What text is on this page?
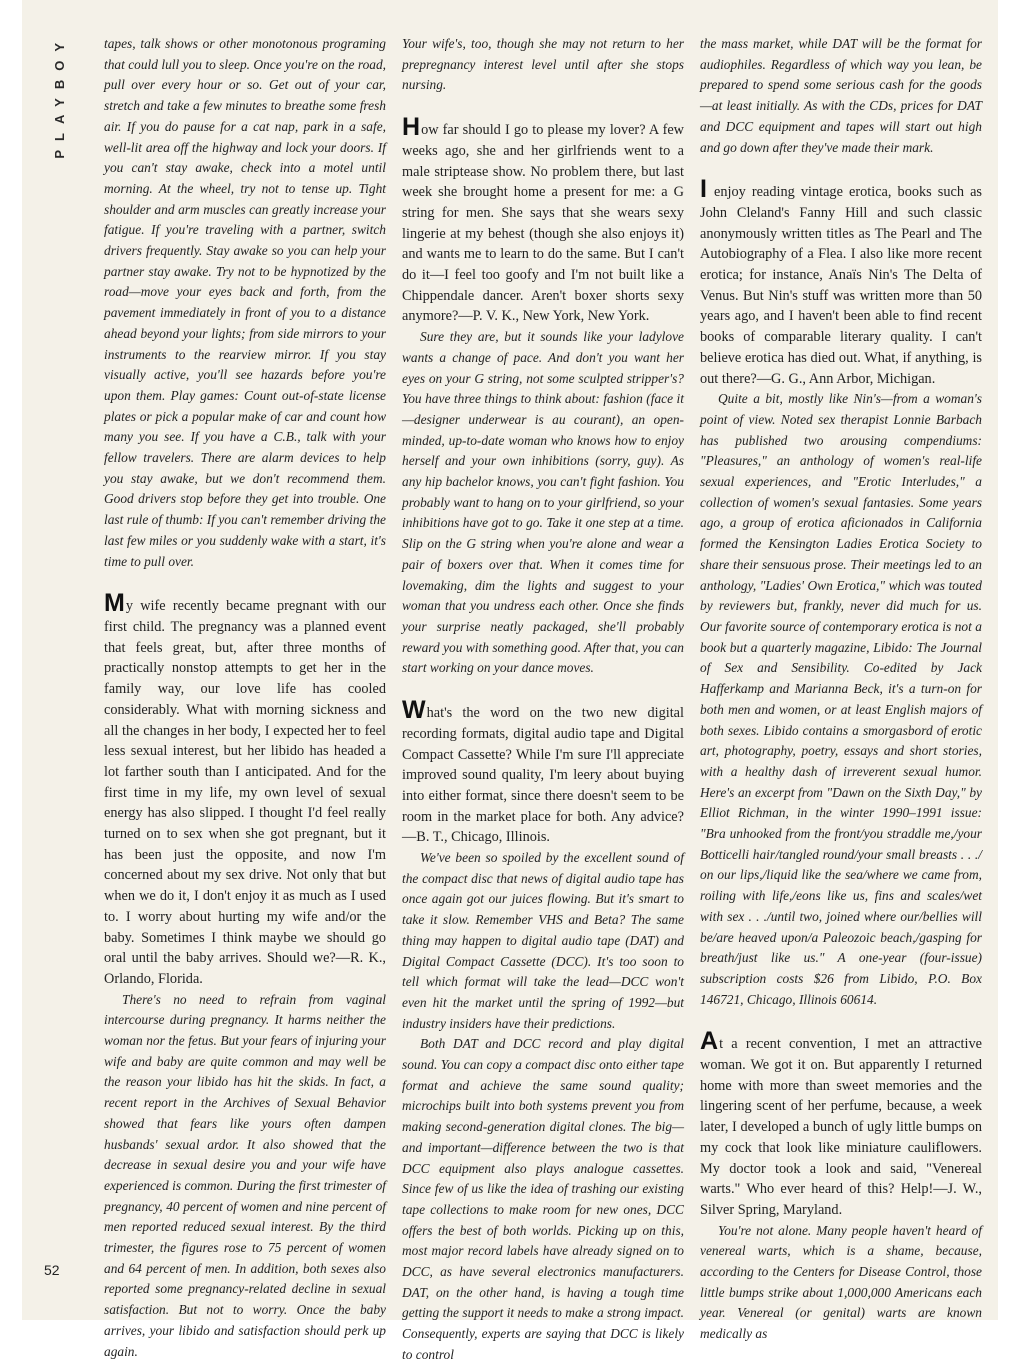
PLAYBOY
52

tapes, talk shows or other monotonous programing that could lull you to sleep. Once you're on the road, pull over every hour or so. Get out of your car, stretch and take a few minutes to breathe some fresh air. If you do pause for a cat nap, park in a safe, well-lit area off the highway and lock your doors. If you can't stay awake, check into a motel until morning. At the wheel, try not to tense up. Tight shoulder and arm muscles can greatly increase your fatigue. If you're traveling with a partner, switch drivers frequently. Stay awake so you can help your partner stay awake. Try not to be hypnotized by the road—move your eyes back and forth, from the pavement immediately in front of you to a distance ahead beyond your lights; from side mirrors to your instruments to the rearview mirror. If you stay visually active, you'll see hazards before you're upon them. Play games: Count out-of-state license plates or pick a popular make of car and count how many you see. If you have a C.B., talk with your fellow travelers. There are alarm devices to help you stay awake, but we don't recommend them. Good drivers stop before they get into trouble. One last rule of thumb: If you can't remember driving the last few miles or you suddenly wake with a start, it's time to pull over.

My wife recently became pregnant with our first child. The pregnancy was a planned event that feels great, but, after three months of practically nonstop attempts to get her in the family way, our love life has cooled considerably. What with morning sickness and all the changes in her body, I expected her to feel less sexual interest, but her libido has headed a lot farther south than I anticipated. And for the first time in my life, my own level of sexual energy has also slipped. I thought I'd feel really turned on to sex when she got pregnant, but it has been just the opposite, and now I'm concerned about my sex drive. Not only that but when we do it, I don't enjoy it as much as I used to. I worry about hurting my wife and/or the baby. Sometimes I think maybe we should go oral until the baby arrives. Should we?—R. K., Orlando, Florida.

There's no need to refrain from vaginal intercourse during pregnancy. It harms neither the woman nor the fetus. But your fears of injuring your wife and baby are quite common and may well be the reason your libido has hit the skids. In fact, a recent report in the Archives of Sexual Behavior showed that fears like yours often dampen husbands' sexual ardor. It also showed that the decrease in sexual desire you and your wife have experienced is common. During the first trimester of pregnancy, 40 percent of women and nine percent of men reported reduced sexual interest. By the third trimester, the figures rose to 75 percent of women and 64 percent of men. In addition, both sexes also reported some pregnancy-related decline in sexual satisfaction. But not to worry. Once the baby arrives, your libido and satisfaction should perk up again.

Your wife's, too, though she may not return to her prepregnancy interest level until after she stops nursing.

How far should I go to please my lover? A few weeks ago, she and her girlfriends went to a male striptease show. No problem there, but last week she brought home a present for me: a G string for men. She says that she wears sexy lingerie at my behest (though she also enjoys it) and wants me to learn to do the same. But I can't do it—I feel too goofy and I'm not built like a Chippendale dancer. Aren't boxer shorts sexy anymore?—P. V. K., New York, New York.

Sure they are, but it sounds like your ladylove wants a change of pace. And don't you want her eyes on your G string, not some sculpted stripper's? You have three things to think about: fashion (face it—designer underwear is au courant), an open-minded, up-to-date woman who knows how to enjoy herself and your own inhibitions (sorry, guy). As any hip bachelor knows, you can't fight fashion. You probably want to hang on to your girlfriend, so your inhibitions have got to go. Take it one step at a time. Slip on the G string when you're alone and wear a pair of boxers over that. When it comes time for lovemaking, dim the lights and suggest to your woman that you undress each other. Once she finds your surprise neatly packaged, she'll probably reward you with something good. After that, you can start working on your dance moves.

What's the word on the two new digital recording formats, digital audio tape and Digital Compact Cassette? While I'm sure I'll appreciate improved sound quality, I'm leery about buying into either format, since there doesn't seem to be room in the market place for both. Any advice?—B. T., Chicago, Illinois.

We've been so spoiled by the excellent sound of the compact disc that news of digital audio tape has once again got our juices flowing. But it's smart to take it slow. Remember VHS and Beta? The same thing may happen to digital audio tape (DAT) and Digital Compact Cassette (DCC). It's too soon to tell which format will take the lead—DCC won't even hit the market until the spring of 1992—but industry insiders have their predictions.

Both DAT and DCC record and play digital sound. You can copy a compact disc onto either tape format and achieve the same sound quality; microchips built into both systems prevent you from making second-generation digital clones. The big—and important—difference between the two is that DCC equipment also plays analogue cassettes. Since few of us like the idea of trashing our existing tape collections to make room for new ones, DCC offers the best of both worlds. Picking up on this, most major record labels have already signed on to DCC, as have several electronics manufacturers. DAT, on the other hand, is having a tough time getting the support it needs to make a strong impact. Consequently, experts are saying that DCC is likely to control

the mass market, while DAT will be the format for audiophiles. Regardless of which way you lean, be prepared to spend some serious cash for the goods—at least initially. As with the CDs, prices for DAT and DCC equipment and tapes will start out high and go down after they've made their mark.

I enjoy reading vintage erotica, books such as John Cleland's Fanny Hill and such classic anonymously written titles as The Pearl and The Autobiography of a Flea. I also like more recent erotica; for instance, Anaïs Nin's The Delta of Venus. But Nin's stuff was written more than 50 years ago, and I haven't been able to find recent books of comparable literary quality. I can't believe erotica has died out. What, if anything, is out there?—G. G., Ann Arbor, Michigan.

Quite a bit, mostly like Nin's—from a woman's point of view. Noted sex therapist Lonnie Barbach has published two arousing compendiums: "Pleasures," an anthology of women's real-life sexual experiences, and "Erotic Interludes," a collection of women's sexual fantasies. Some years ago, a group of erotica aficionados in California formed the Kensington Ladies Erotica Society to share their sensuous prose. Their meetings led to an anthology, "Ladies' Own Erotica," which was touted by reviewers but, frankly, never did much for us. Our favorite source of contemporary erotica is not a book but a quarterly magazine, Libido: The Journal of Sex and Sensibility. Co-edited by Jack Hafferkamp and Marianna Beck, it's a turn-on for both men and women, or at least English majors of both sexes. Libido contains a smorgasbord of erotic art, photography, poetry, essays and short stories, with a healthy dash of irreverent sexual humor. Here's an excerpt from "Dawn on the Sixth Day," by Elliot Richman, in the winter 1990–1991 issue: "Bra unhooked from the front/you straddle me,/your Botticelli hair/tangled round/your small breasts . . ./ on our lips,/liquid like the sea/where we came from, roiling with life,/eons like us, fins and scales/wet with sex . . ./until two, joined where our/bellies will be/are heaved upon/a Paleozoic beach,/gasping for breath/just like us." A one-year (four-issue) subscription costs $26 from Libido, P.O. Box 146721, Chicago, Illinois 60614.

At a recent convention, I met an attractive woman. We got it on. But apparently I returned home with more than sweet memories and the lingering scent of her perfume, because, a week later, I developed a bunch of ugly little bumps on my cock that look like miniature cauliflowers. My doctor took a look and said, "Venereal warts." Who ever heard of this? Help!—J. W., Silver Spring, Maryland.

You're not alone. Many people haven't heard of venereal warts, which is a shame, because, according to the Centers for Disease Control, those little bumps strike about 1,000,000 Americans each year. Venereal (or genital) warts are known medically as
